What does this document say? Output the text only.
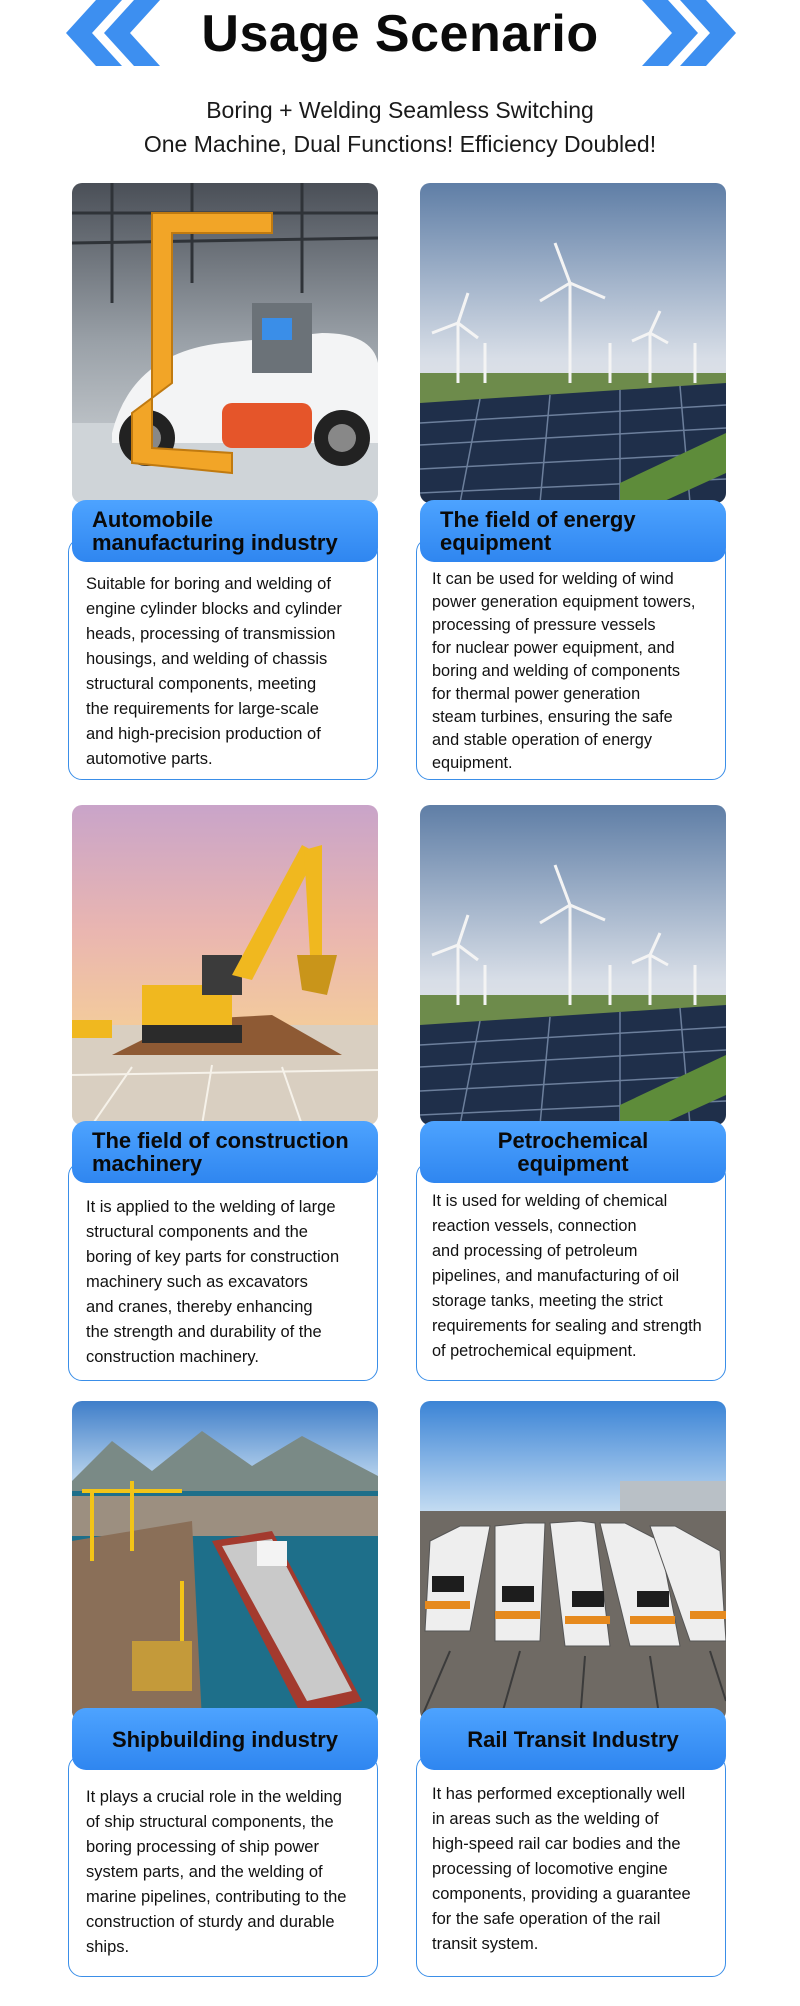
Usage Scenario
Boring + Welding Seamless Switching
One Machine, Dual Functions! Efficiency Doubled!
Automobile
manufacturing industry
Suitable for boring and welding of
engine cylinder blocks and cylinder
heads, processing of transmission
housings, and welding of chassis
structural components, meeting
the requirements for large-scale
and high-precision production of
automotive parts.
The field of energy
equipment
It can be used for welding of wind
power generation equipment towers,
processing of pressure vessels
for nuclear power equipment, and
boring and welding of components
for thermal power generation
steam turbines, ensuring the safe
and stable operation of energy
equipment.
The field of construction
machinery
It is applied to the welding of large
structural components and the
boring of key parts for construction
machinery such as excavators
and cranes, thereby enhancing
the strength and durability of the
construction machinery.
Petrochemical equipment
It is used for welding of chemical
reaction vessels, connection
and processing of petroleum
pipelines, and manufacturing of oil
storage tanks, meeting the strict
requirements for sealing and strength
of petrochemical equipment.
Shipbuilding industry
It plays a crucial role in the welding
of ship structural components, the
boring processing of ship power
system parts, and the welding of
marine pipelines, contributing to the
construction of sturdy and durable
ships.
Rail Transit Industry
It has performed exceptionally well
in areas such as the welding of
high-speed rail car bodies and the
processing of locomotive engine
components, providing a guarantee
for the safe operation of the rail
transit system.
